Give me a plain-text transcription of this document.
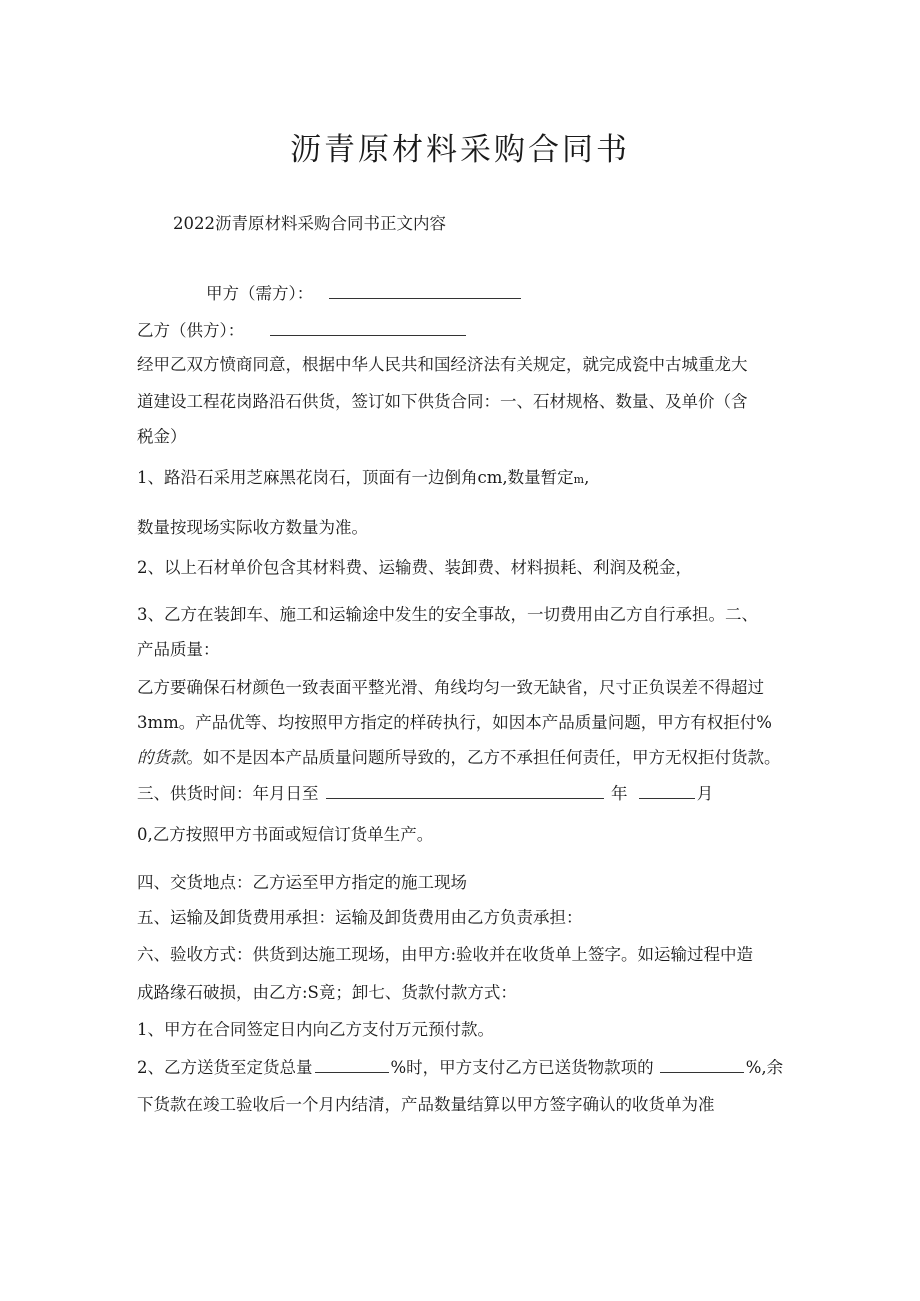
沥青原材料采购合同书
2022沥青原材料采购合同书正文内容
甲方（需方）：
乙方（供方）：
经甲乙双方愤商同意，根据中华人民共和国经济法有关规定，就完成瓷中古城重龙大
道建设工程花岗路沿石供货，签订如下供货合同：一、石材规格、数量、及单价（含
税金）
1、路沿石采用芝麻黑花岗石，顶面有一边倒角cm,数量暂定m,
数量按现场实际收方数量为准。
2、以上石材单价包含其材料费、运输费、装卸费、材料损耗、利润及税金，
3、乙方在装卸车、施工和运输途中发生的安全事故，一切费用由乙方自行承担。二、
产品质量：
乙方要确保石材颜色一致表面平整光滑、角线均匀一致无缺省，尺寸正负误差不得超过
3mm。产品优等、均按照甲方指定的样砖执行，如因本产品质量问题，甲方有权拒付%
的货款。如不是因本产品质量问题所导致的，乙方不承担任何责任，甲方无权拒付货款。
三、供货时间：年月日至	年	月
0,乙方按照甲方书面或短信订货单生产。
四、交货地点：乙方运至甲方指定的施工现场
五、运输及卸货费用承担：运输及卸货费用由乙方负责承担：
六、验收方式：供货到达施工现场，由甲方:验收并在收货单上签字。如运输过程中造
成路缘石破损，由乙方:S竟；卸七、货款付款方式：
1、甲方在合同签定日内向乙方支付万元预付款。
2、乙方送货至定货总量	%时，甲方支付乙方已送货物款项的	%,余
下货款在竣工验收后一个月内结清，产品数量结算以甲方签字确认的收货单为准
